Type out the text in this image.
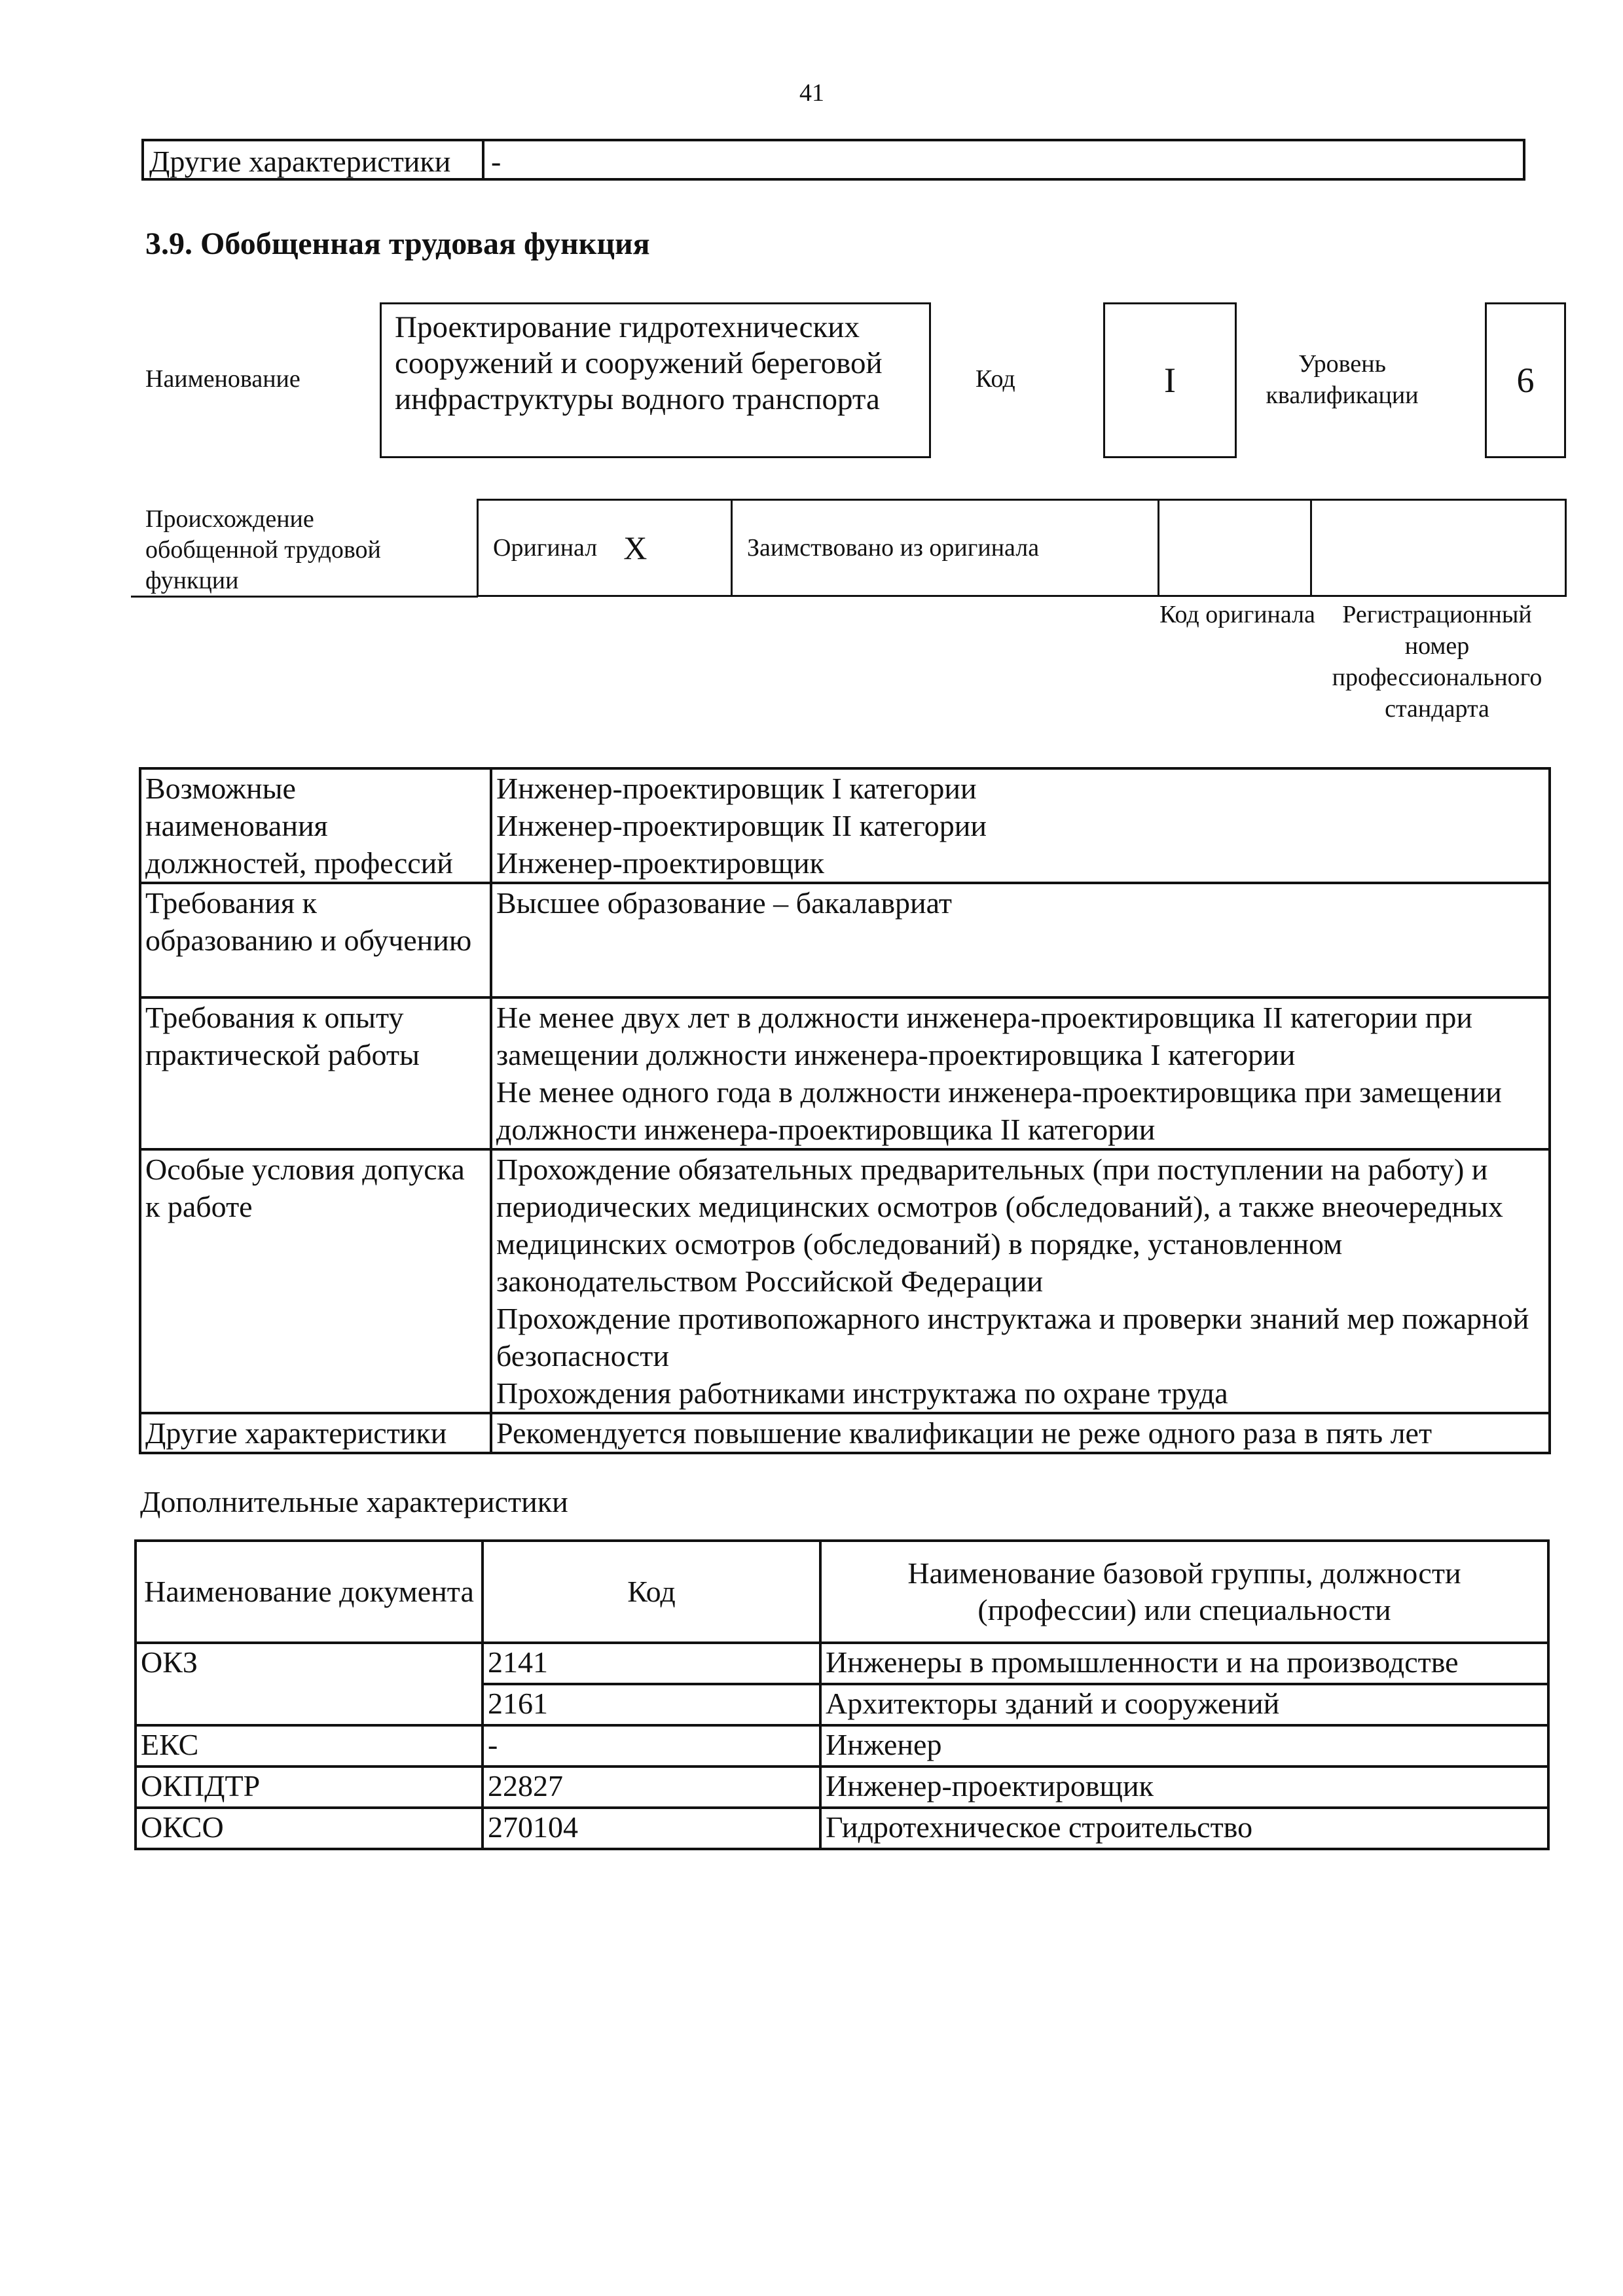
41
Другие характеристики	-
3.9. Обобщенная трудовая функция
Наименование
Проектирование гидротехнических сооружений и сооружений береговой инфраструктуры водного транспорта
Код	I	Уровень квалификации	6
Происхождение обобщенной трудовой функции
Оригинал X	Заимствовано из оригинала
Код оригинала	Регистрационный номер профессионального стандарта
Возможные наименования должностей, профессий	Инженер-проектировщик I категории
Инженер-проектировщик II категории
Инженер-проектировщик

Требования к образованию и обучению	Высшее образование – бакалавриат

Требования к опыту практической работы	Не менее двух лет в должности инженера-проектировщика II категории при замещении должности инженера-проектировщика I категории
Не менее одного года в должности инженера-проектировщика при замещении должности инженера-проектировщика II категории

Особые условия допуска к работе	Прохождение обязательных предварительных (при поступлении на работу) и периодических медицинских осмотров (обследований), а также внеочередных медицинских осмотров (обследований) в порядке, установленном законодательством Российской Федерации
Прохождение противопожарного инструктажа и проверки знаний мер пожарной безопасности
Прохождения работниками инструктажа по охране труда

Другие характеристики	Рекомендуется повышение квалификации не реже одного раза в пять лет
Дополнительные характеристики
Наименование документа	Код	Наименование базовой группы, должности (профессии) или специальности
ОКЗ	2141	Инженеры в промышленности и на производстве
	2161	Архитекторы зданий и сооружений
ЕКС	-	Инженер
ОКПДТР	22827	Инженер-проектировщик
ОКСО	270104	Гидротехническое строительство
